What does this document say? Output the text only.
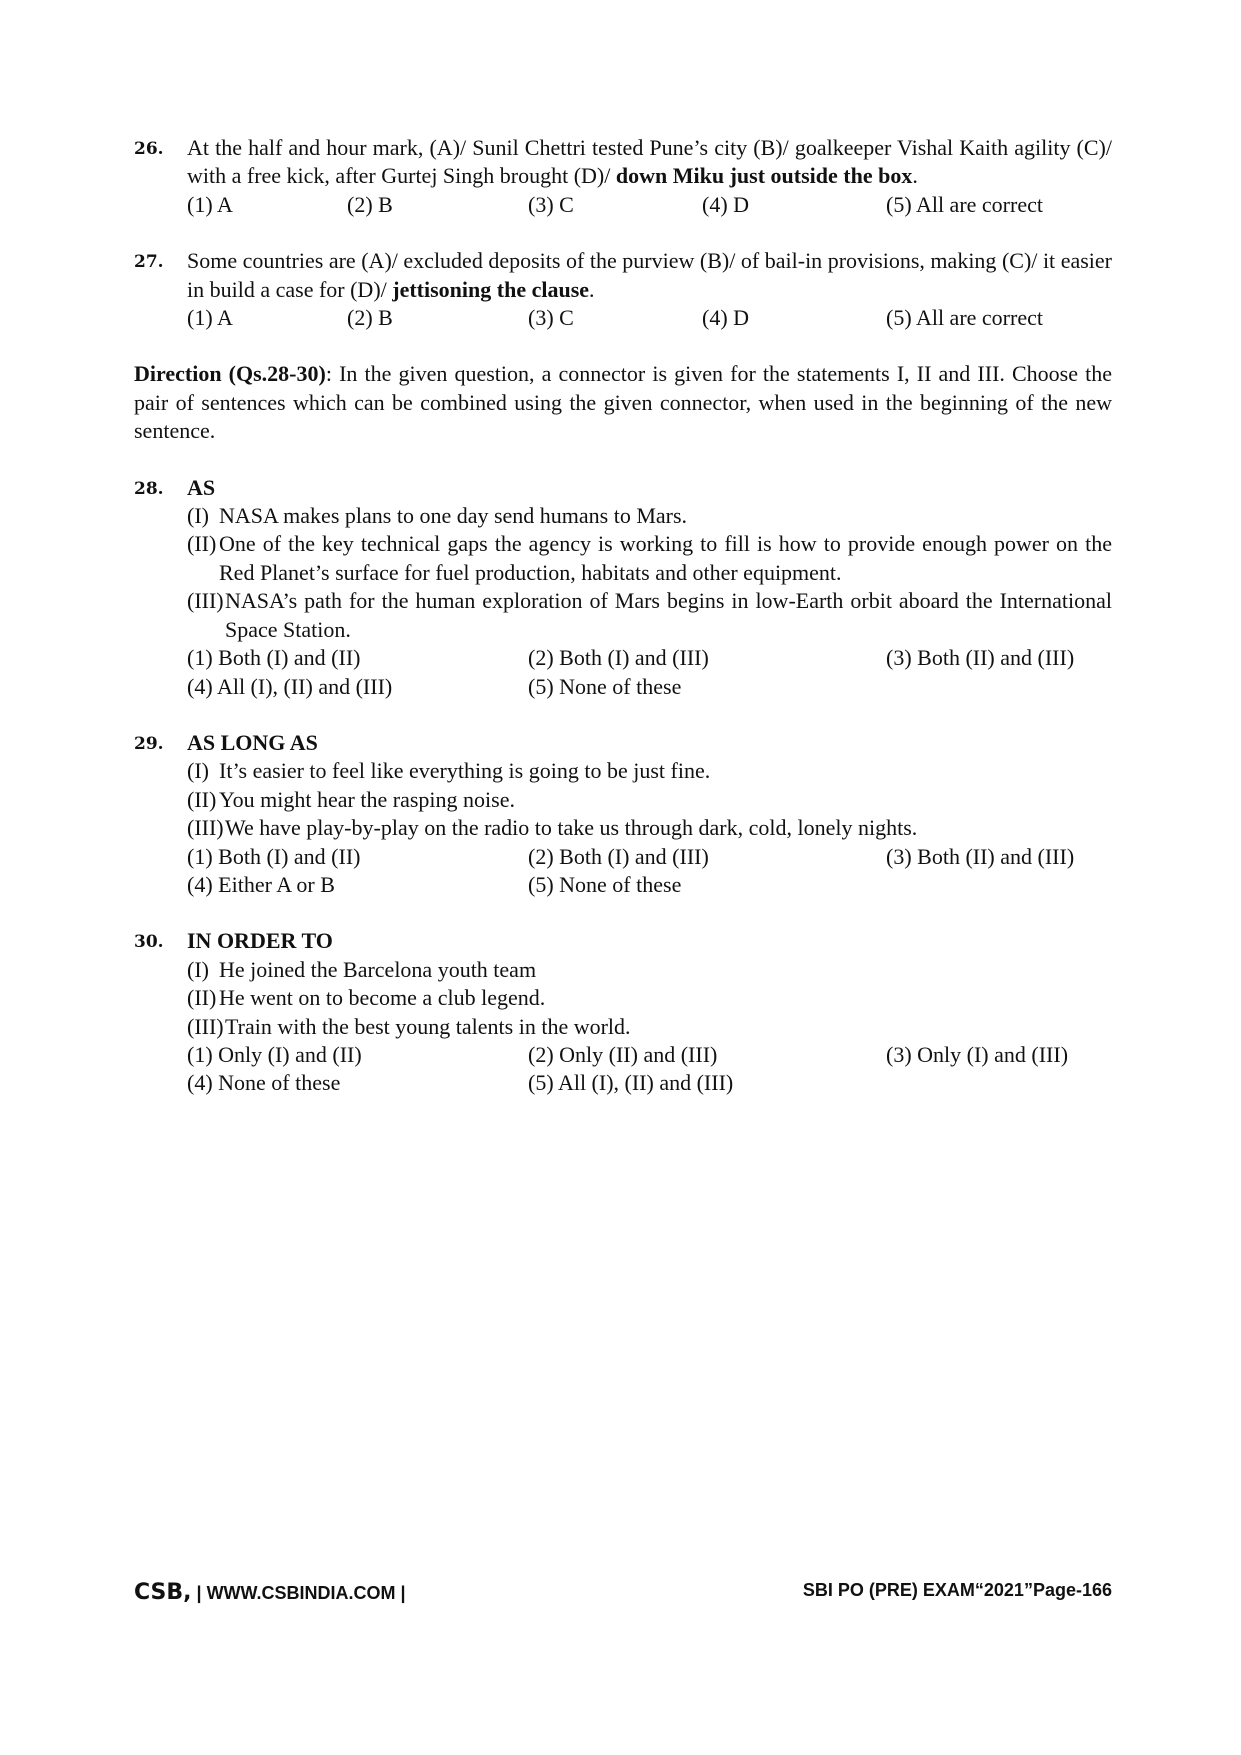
26. At the half and hour mark, (A)/ Sunil Chettri tested Pune’s city (B)/ goalkeeper Vishal Kaith agility (C)/ with a free kick, after Gurtej Singh brought (D)/ down Miku just outside the box.
(1) A	(2) B	(3) C	(4) D	(5) All are correct
27. Some countries are (A)/ excluded deposits of the purview (B)/ of bail-in provisions, making (C)/ it easier in build a case for (D)/ jettisoning the clause.
(1) A	(2) B	(3) C	(4) D	(5) All are correct
Direction (Qs.28-30): In the given question, a connector is given for the statements I, II and III. Choose the pair of sentences which can be combined using the given connector, when used in the beginning of the new sentence.
28. AS
(I) NASA makes plans to one day send humans to Mars.
(II) One of the key technical gaps the agency is working to fill is how to provide enough power on the Red Planet’s surface for fuel production, habitats and other equipment.
(III) NASA’s path for the human exploration of Mars begins in low-Earth orbit aboard the International Space Station.
(1) Both (I) and (II)	(2) Both (I) and (III)	(3) Both (II) and (III)
(4) All (I), (II) and (III)	(5) None of these
29. AS LONG AS
(I) It’s easier to feel like everything is going to be just fine.
(II) You might hear the rasping noise.
(III) We have play-by-play on the radio to take us through dark, cold, lonely nights.
(1) Both (I) and (II)	(2) Both (I) and (III)	(3) Both (II) and (III)
(4) Either A or B	(5) None of these
30. IN ORDER TO
(I) He joined the Barcelona youth team
(II) He went on to become a club legend.
(III) Train with the best young talents in the world.
(1) Only (I) and (II)	(2) Only (II) and (III)	(3) Only (I) and (III)
(4) None of these	(5) All (I), (II) and (III)
CSB, | WWW.CSBINDIA.COM |	SBI PO (PRE) EXAM“2021”Page-166
